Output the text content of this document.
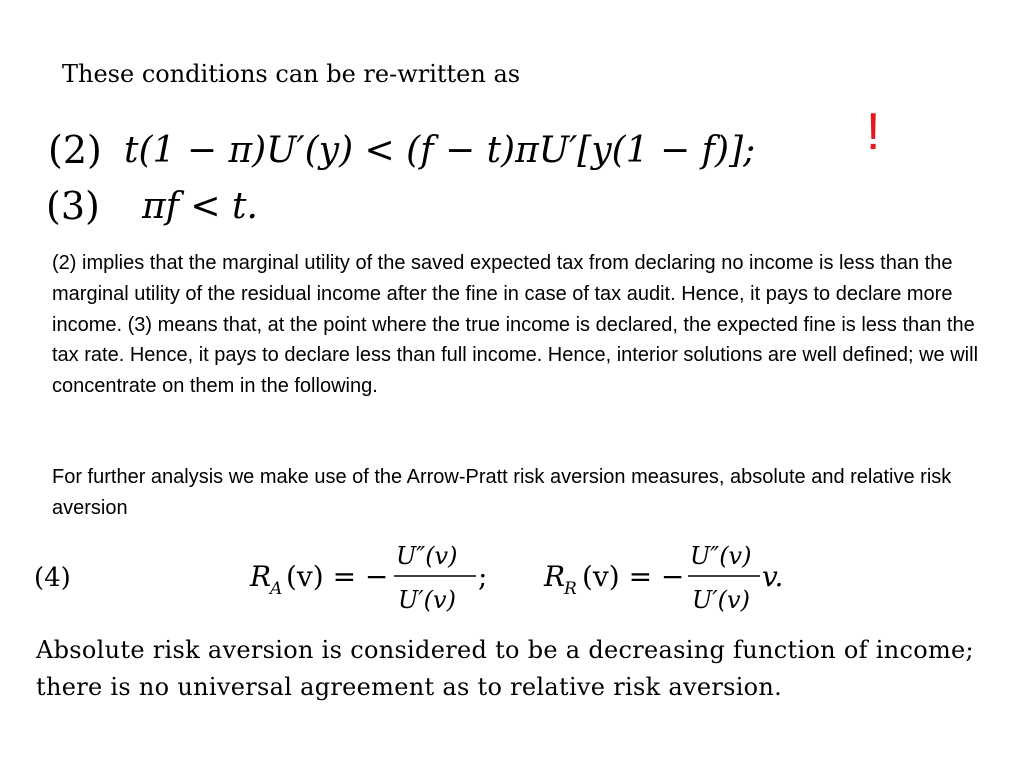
These conditions can be re-written as
!
(2) t(1 − π)U′(y) < (f − t)πU′[y(1 − f)];
(3) πf < t.
(2) implies that the marginal utility of the saved expected tax from declaring no income is less than the marginal utility of the residual income after the fine in case of tax audit. Hence, it pays to declare more income. (3) means that, at the point where the true income is declared, the expected fine is less than the tax rate. Hence, it pays to declare less than full income. Hence, interior solutions are well defined; we will concentrate on them in the following.
For further analysis we make use of the Arrow-Pratt risk aversion measures, absolute and relative risk aversion
(4)	R
A (v) = −
U″(v)
U′(v)
; R
R (v) = −
U″(v)
U′(v)
v.
Absolute risk aversion is considered to be a decreasing function of income; there is no universal agreement as to relative risk aversion.
